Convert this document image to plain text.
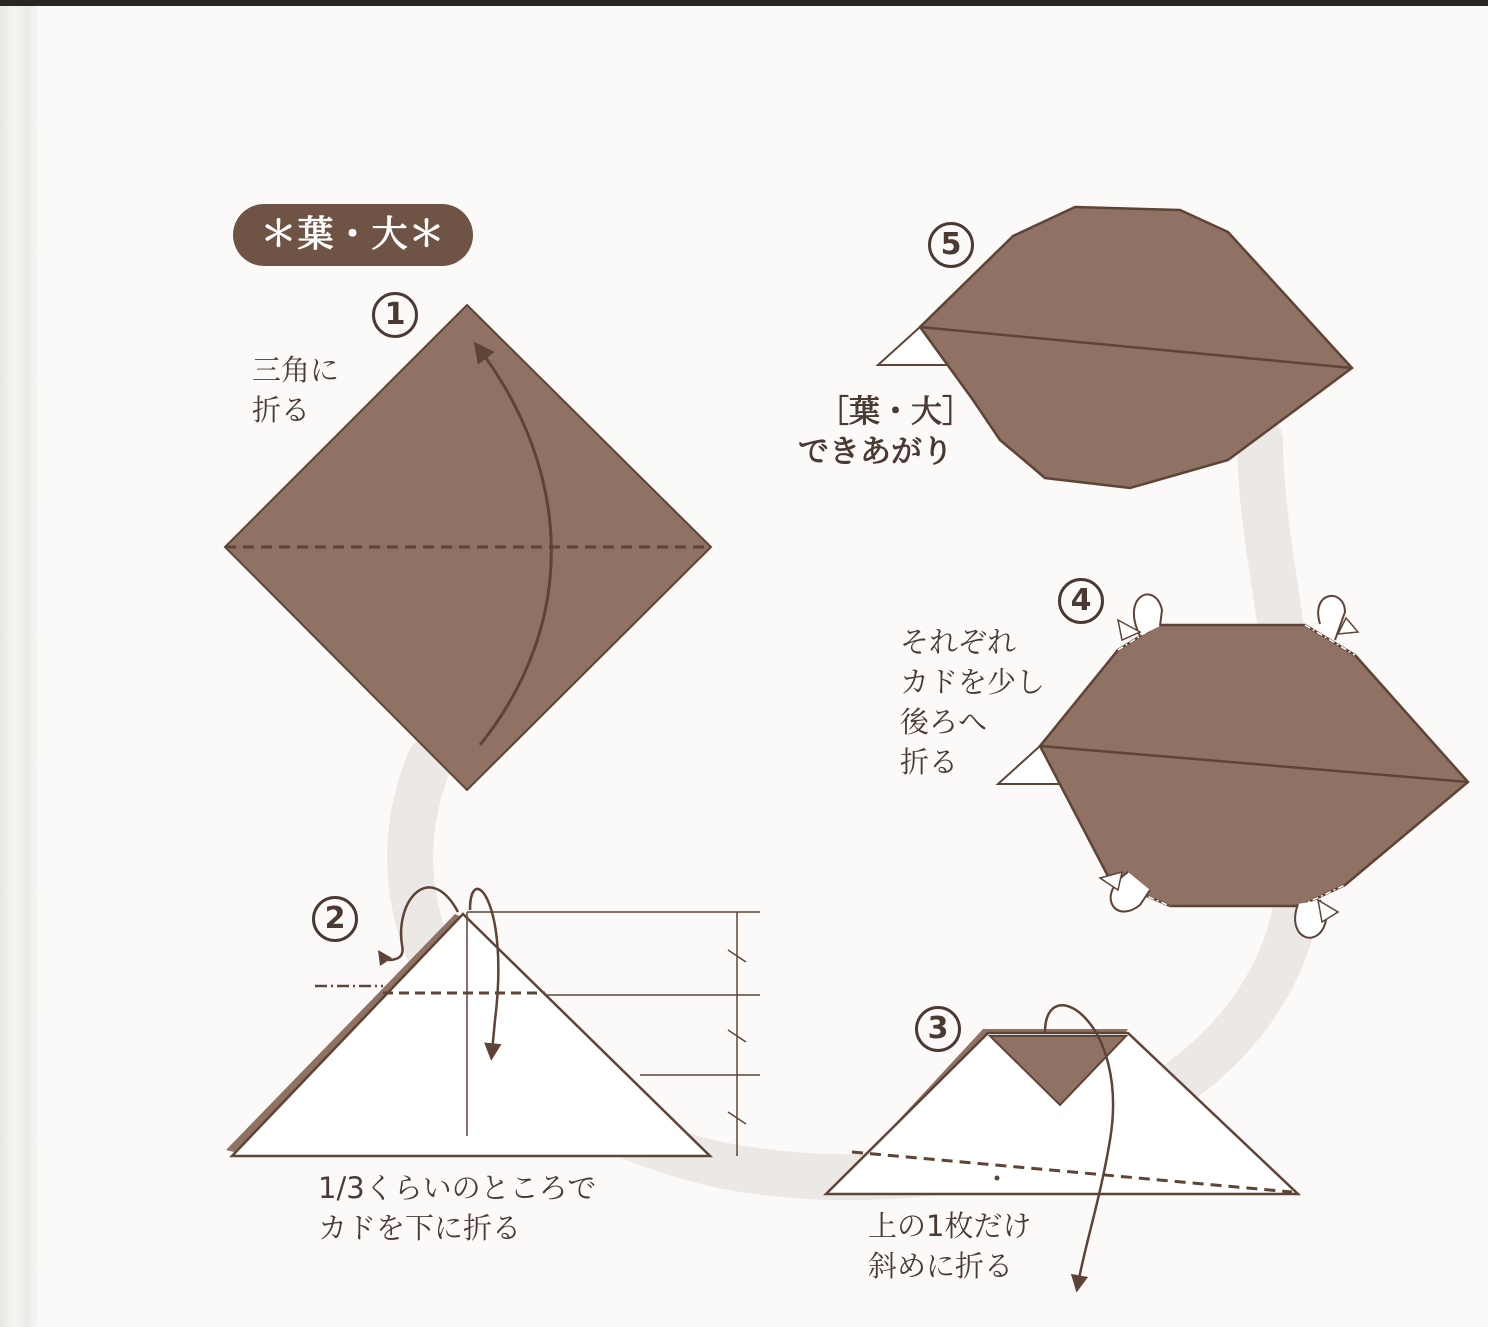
＊葉・大＊
1
三角に
折る
2
1/3くらいのところで
カドを下に折る
3
上の1枚だけ
斜めに折る
4
それぞれ
カドを少し
後ろへ
折る
5
［葉・大］
できあがり
